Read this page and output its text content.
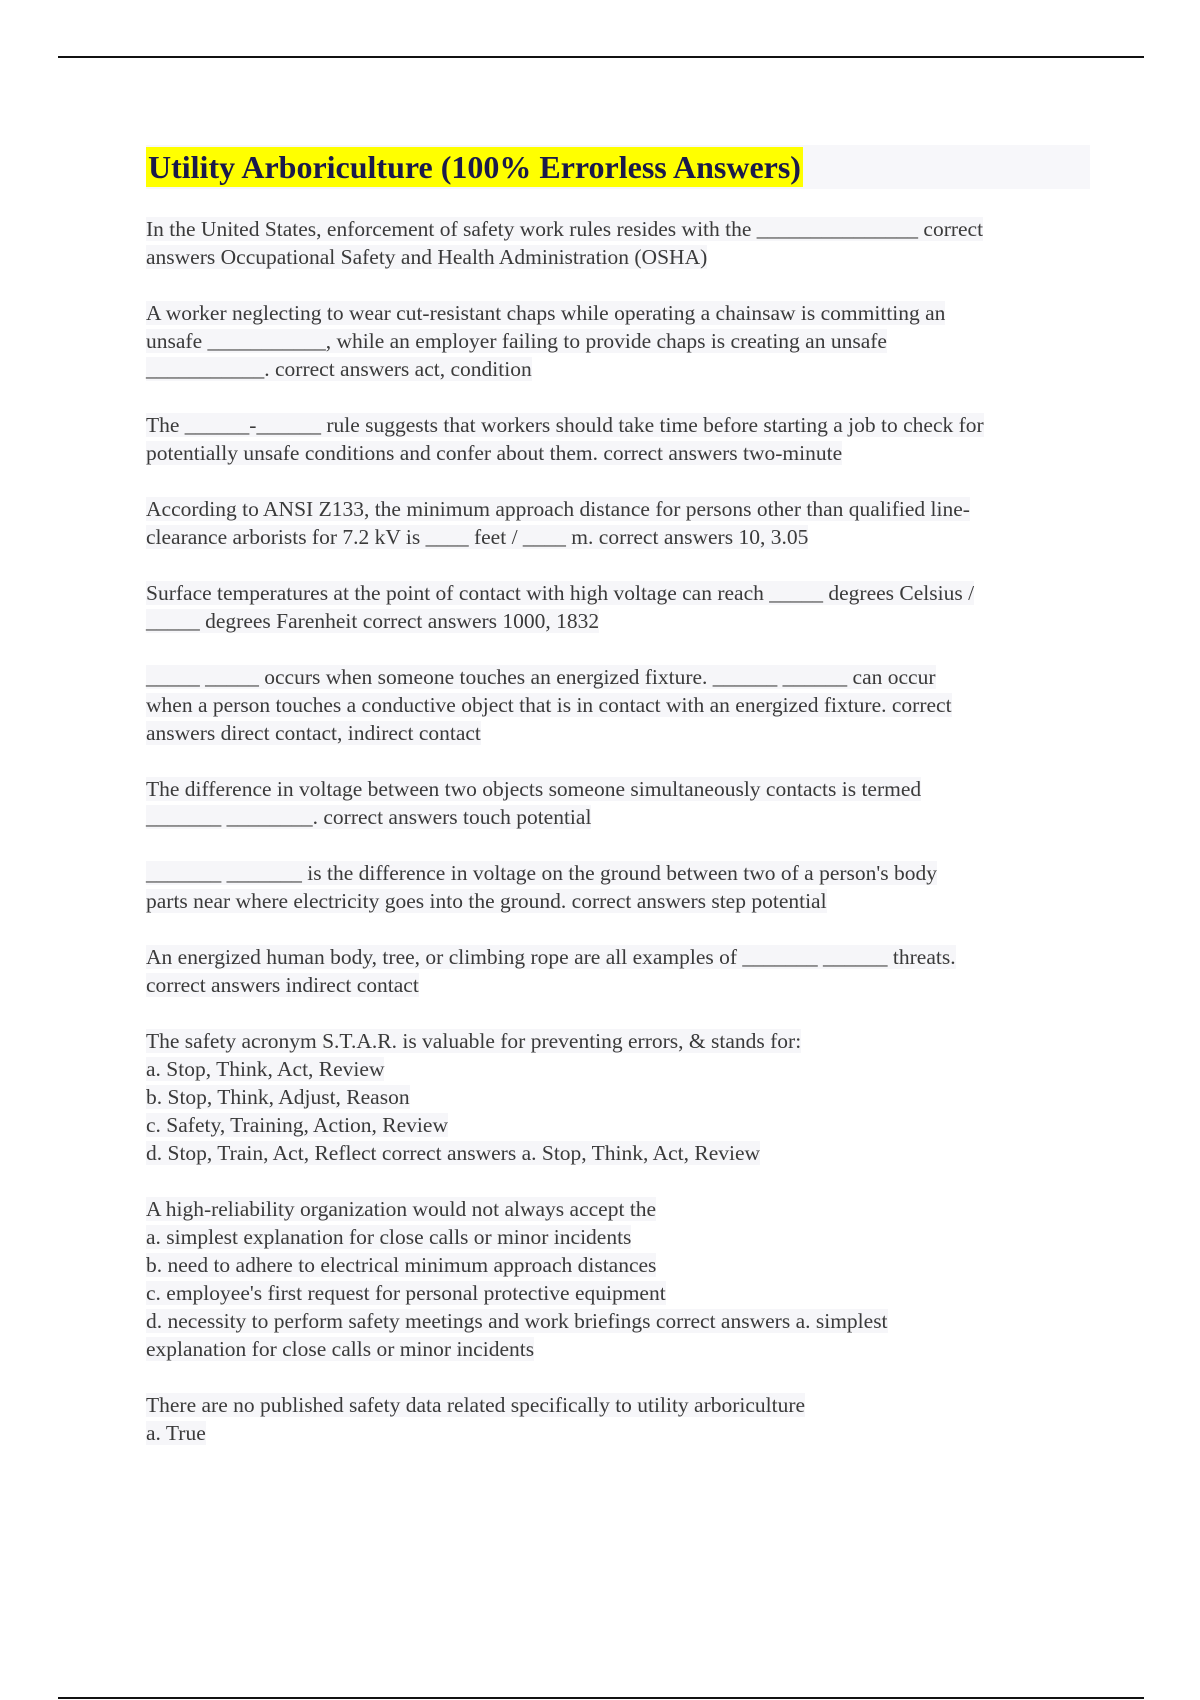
Utility Arboriculture (100% Errorless Answers)
In the United States, enforcement of safety work rules resides with the _______________ correct
answers Occupational Safety and Health Administration (OSHA)
A worker neglecting to wear cut-resistant chaps while operating a chainsaw is committing an
unsafe ___________, while an employer failing to provide chaps is creating an unsafe
___________. correct answers act, condition
The ______-______ rule suggests that workers should take time before starting a job to check for
potentially unsafe conditions and confer about them. correct answers two-minute
According to ANSI Z133, the minimum approach distance for persons other than qualified line-
clearance arborists for 7.2 kV is ____ feet / ____ m. correct answers 10, 3.05
Surface temperatures at the point of contact with high voltage can reach _____ degrees Celsius /
_____ degrees Farenheit correct answers 1000, 1832
_____ _____ occurs when someone touches an energized fixture. ______ ______ can occur
when a person touches a conductive object that is in contact with an energized fixture. correct
answers direct contact, indirect contact
The difference in voltage between two objects someone simultaneously contacts is termed
_______ ________. correct answers touch potential
_______ _______ is the difference in voltage on the ground between two of a person's body
parts near where electricity goes into the ground. correct answers step potential
An energized human body, tree, or climbing rope are all examples of _______ ______ threats.
correct answers indirect contact
The safety acronym S.T.A.R. is valuable for preventing errors, & stands for:
a. Stop, Think, Act, Review
b. Stop, Think, Adjust, Reason
c. Safety, Training, Action, Review
d. Stop, Train, Act, Reflect correct answers a. Stop, Think, Act, Review
A high-reliability organization would not always accept the
a. simplest explanation for close calls or minor incidents
b. need to adhere to electrical minimum approach distances
c. employee's first request for personal protective equipment
d. necessity to perform safety meetings and work briefings correct answers a. simplest
explanation for close calls or minor incidents
There are no published safety data related specifically to utility arboriculture
a. True
